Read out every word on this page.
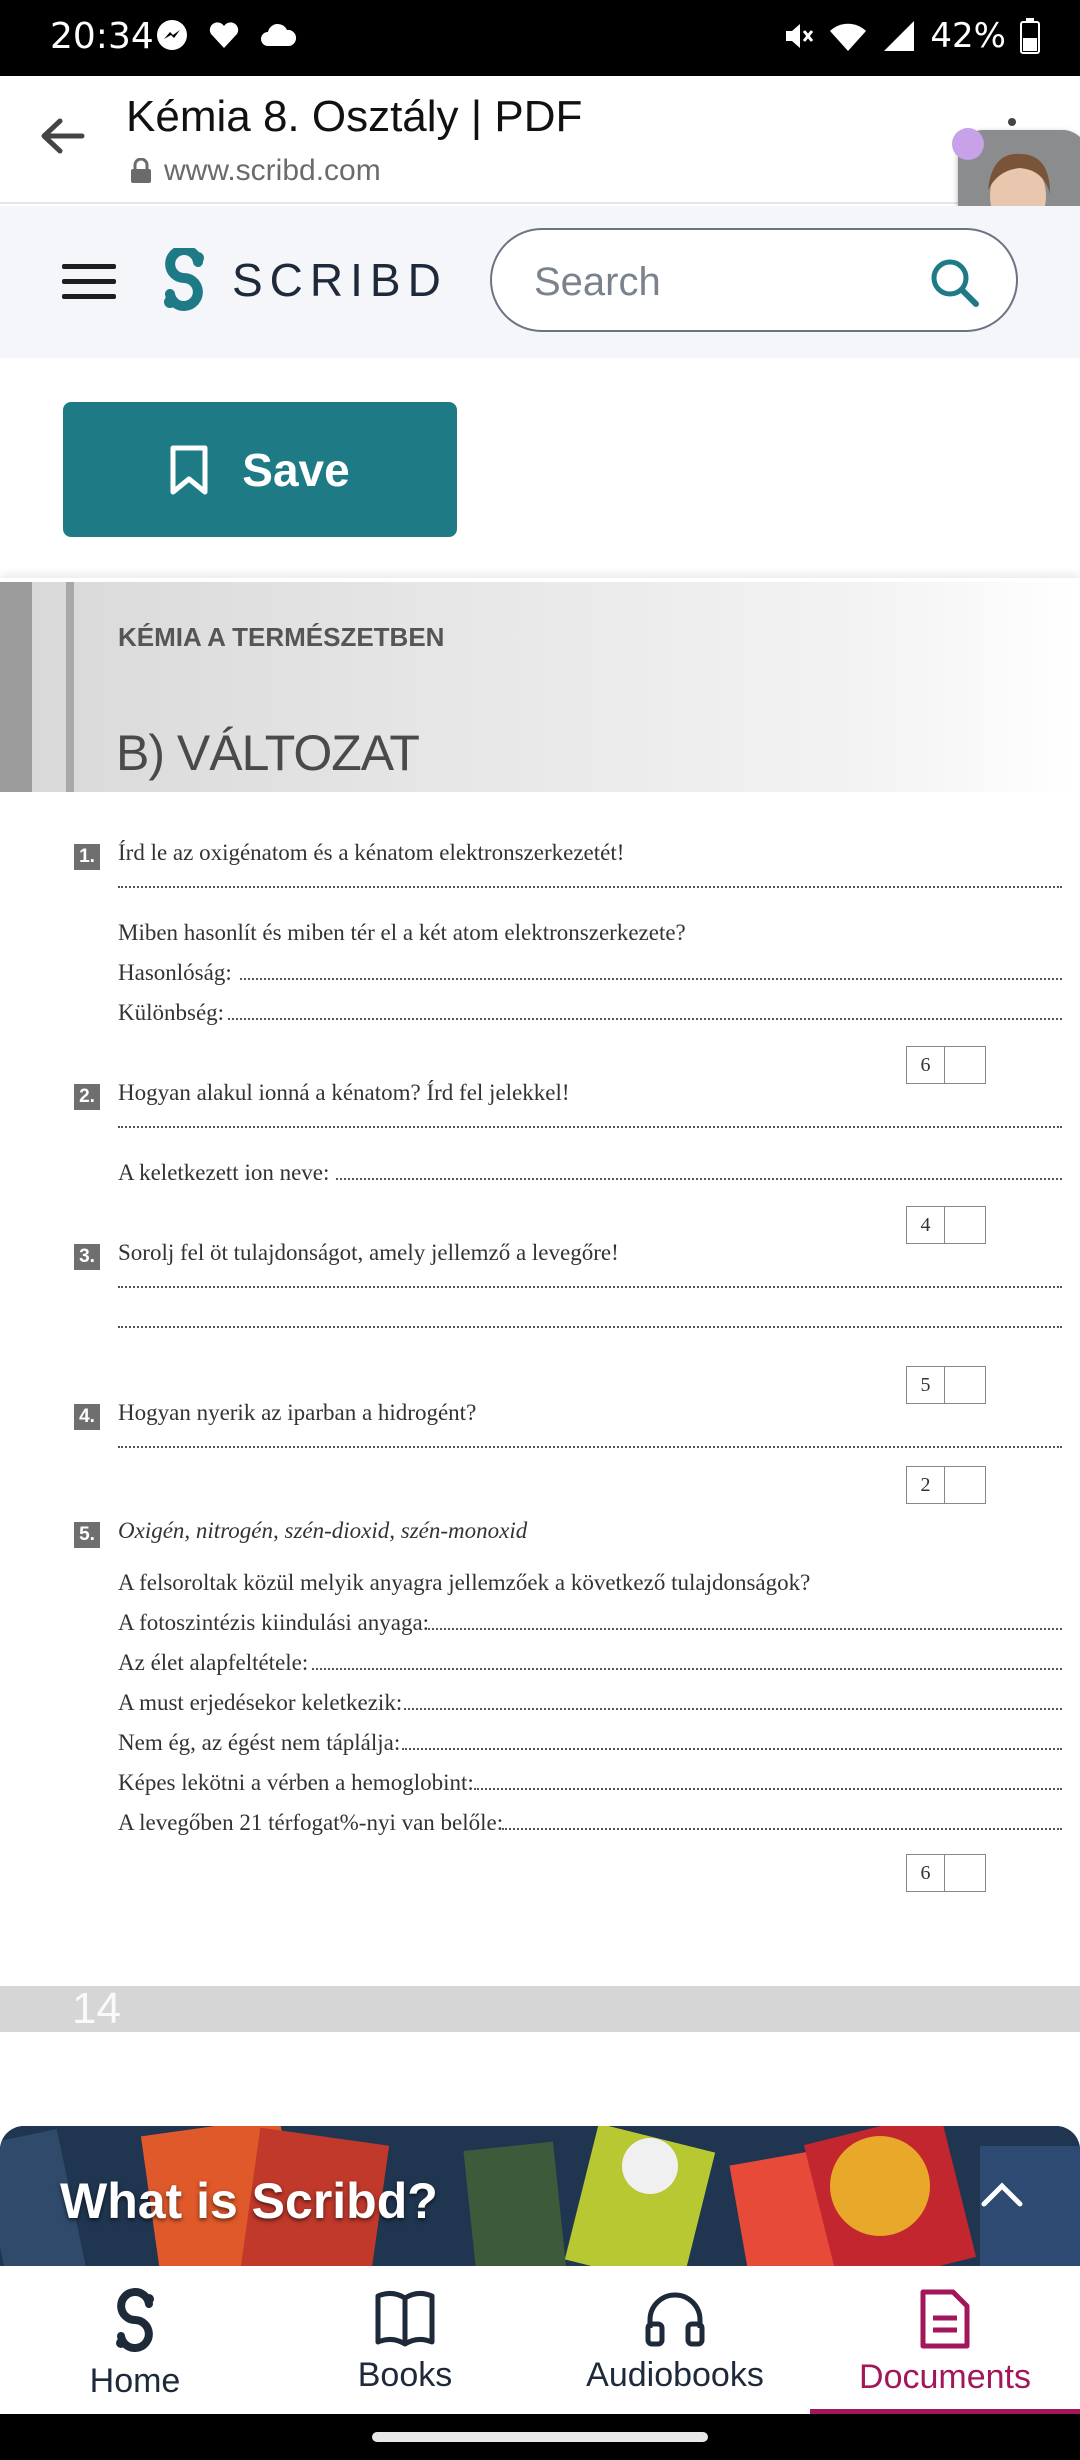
20:34	42%
Kémia 8. Osztály | PDF
www.scribd.com
SCRIBD Search
Save
KÉMIA A TERMÉSZETBEN
B) VÁLTOZAT
1. Írd le az oxigénatom és a kénatom elektronszerkezetét!
Miben hasonlít és miben tér el a két atom elektronszerkezete?
Hasonlóság:
Különbség:
6
2. Hogyan alakul ionná a kénatom? Írd fel jelekkel!
A keletkezett ion neve:
4
3. Sorolj fel öt tulajdonságot, amely jellemző a levegőre!
5
4. Hogyan nyerik az iparban a hidrogént?
2
5. Oxigén, nitrogén, szén-dioxid, szén-monoxid
A felsoroltak közül melyik anyagra jellemzőek a következő tulajdonságok?
A fotoszintézis kiindulási anyaga:
Az élet alapfeltétele:
A must erjedésekor keletkezik:
Nem ég, az égést nem táplálja:
Képes lekötni a vérben a hemoglobint:
A levegőben 21 térfogat%-nyi van belőle:
6
14
What is Scribd?
Home	Books	Audiobooks	Documents
